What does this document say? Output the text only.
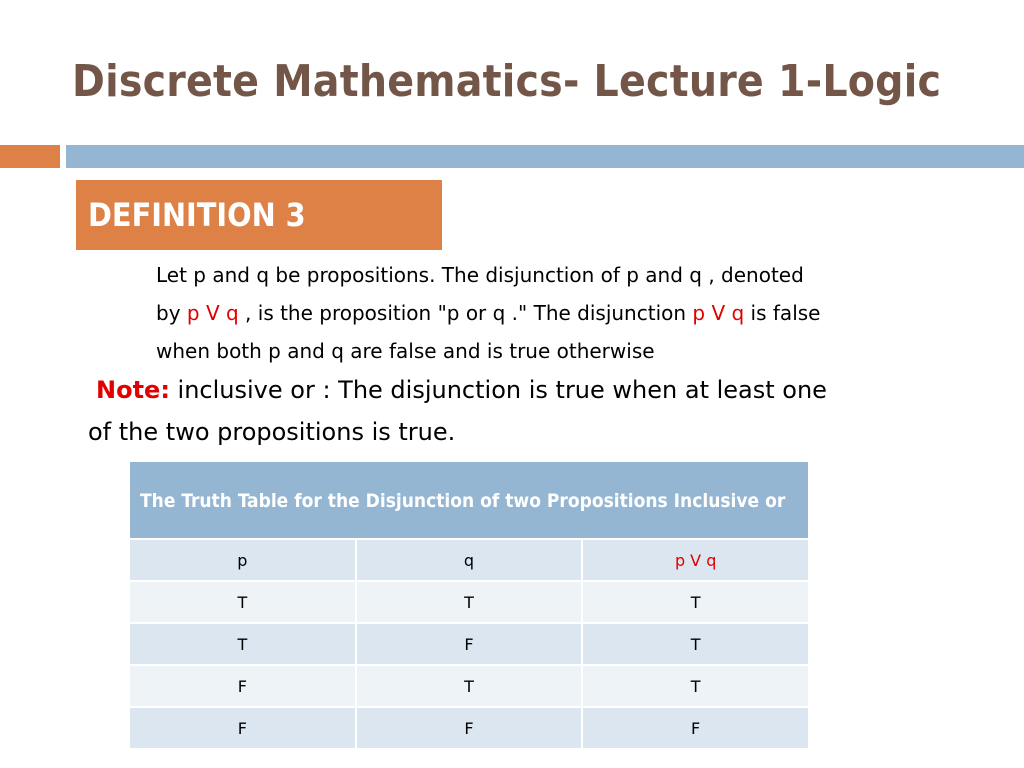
Discrete Mathematics- Lecture 1-Logic
DEFINITION 3
Let p and q be propositions. The disjunction of p and q , denoted
by p V q , is the proposition "p or q ." The disjunction p V q is false
when both p and q are false and is true otherwise
Note: inclusive or : The disjunction is true when at least one
of the two propositions is true.
The Truth Table for the Disjunction of two Propositions Inclusive or		
p	q	p V q
T	T	T
T	F	T
F	T	T
F	F	F
